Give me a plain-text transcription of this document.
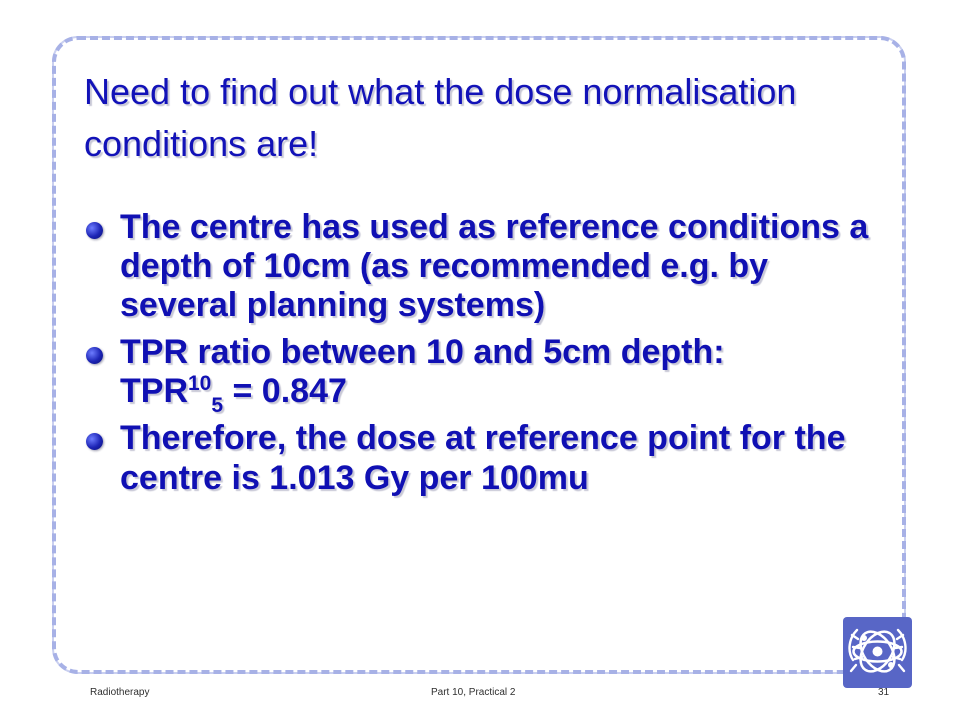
Need to find out what the dose normalisation conditions are!
The centre has used as reference conditions a depth of 10cm (as recommended e.g. by several planning systems)
TPR ratio between 10 and 5cm depth:
$TPR^{10}_5 = 0.847$
Therefore, the dose at reference point for the centre is 1.013 Gy per 100mu
Radiotherapy	Part 10, Practical 2	31
